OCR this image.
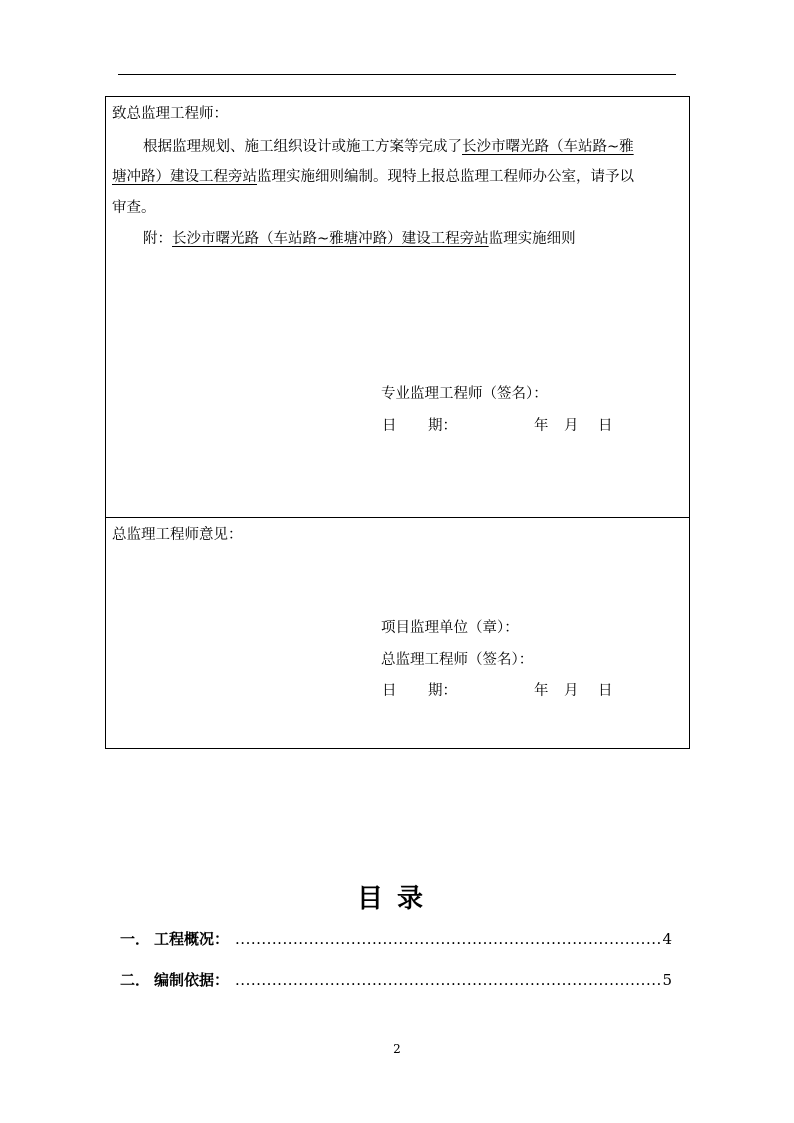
致总监理工程师：
根据监理规划、施工组织设计或施工方案等完成了长沙市曙光路（车站路~雅
塘冲路）建设工程旁站监理实施细则编制。现特上报总监理工程师办公室，请予以
审查。
附：长沙市曙光路（车站路~雅塘冲路）建设工程旁站监理实施细则
专业监理工程师（签名）：
日 期：	年 月 日
总监理工程师意见：
项目监理单位（章）：
总监理工程师（签名）：
日 期：	年 月 日
目录
一． 工程概况： .....	4
二． 编制依据： .....	5
2
